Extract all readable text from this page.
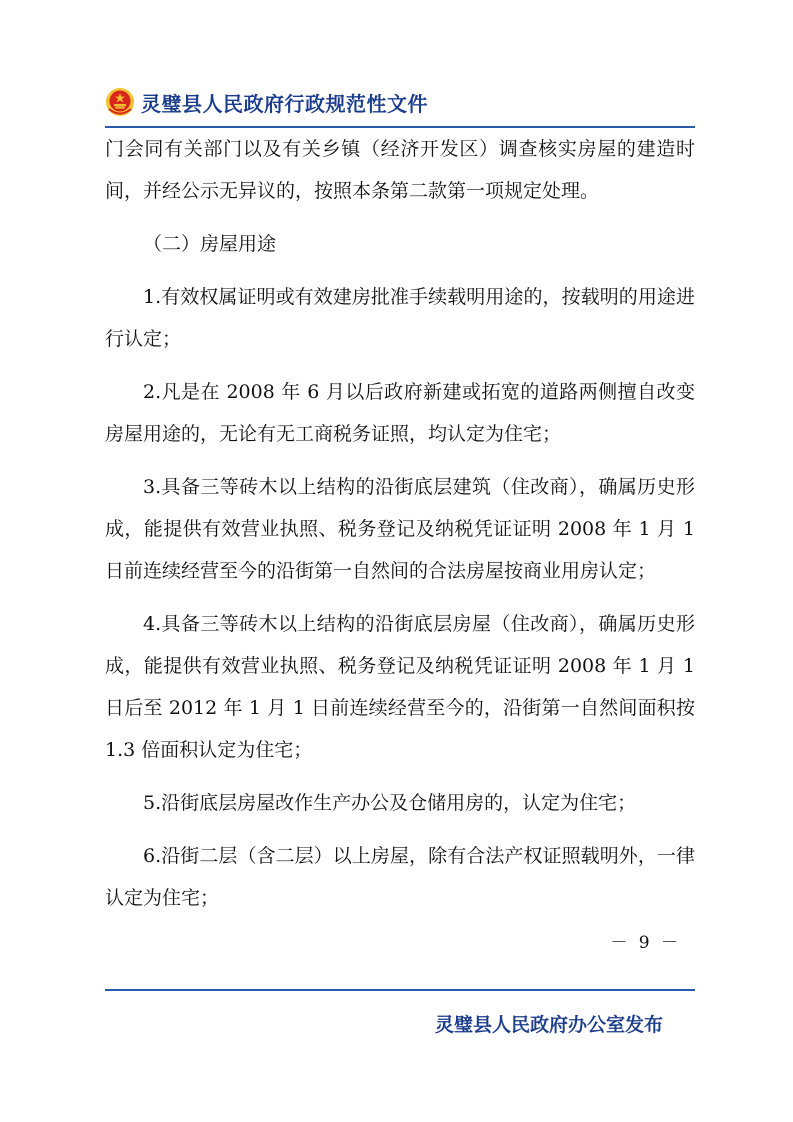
灵璧县人民政府行政规范性文件

门会同有关部门以及有关乡镇（经济开发区）调查核实房屋的建造时间，并经公示无异议的，按照本条第二款第一项规定处理。

（二）房屋用途

1.有效权属证明或有效建房批准手续载明用途的，按载明的用途进行认定；

2.凡是在 2008 年 6 月以后政府新建或拓宽的道路两侧擅自改变房屋用途的，无论有无工商税务证照，均认定为住宅；

3.具备三等砖木以上结构的沿街底层建筑（住改商），确属历史形成，能提供有效营业执照、税务登记及纳税凭证证明 2008 年 1 月 1 日前连续经营至今的沿街第一自然间的合法房屋按商业用房认定；

4.具备三等砖木以上结构的沿街底层房屋（住改商），确属历史形成，能提供有效营业执照、税务登记及纳税凭证证明 2008 年 1 月 1 日后至 2012 年 1 月 1 日前连续经营至今的，沿街第一自然间面积按 1.3 倍面积认定为住宅；

5.沿街底层房屋改作生产办公及仓储用房的，认定为住宅；

6.沿街二层（含二层）以上房屋，除有合法产权证照载明外，一律认定为住宅；

－ 9 －
灵璧县人民政府办公室发布
